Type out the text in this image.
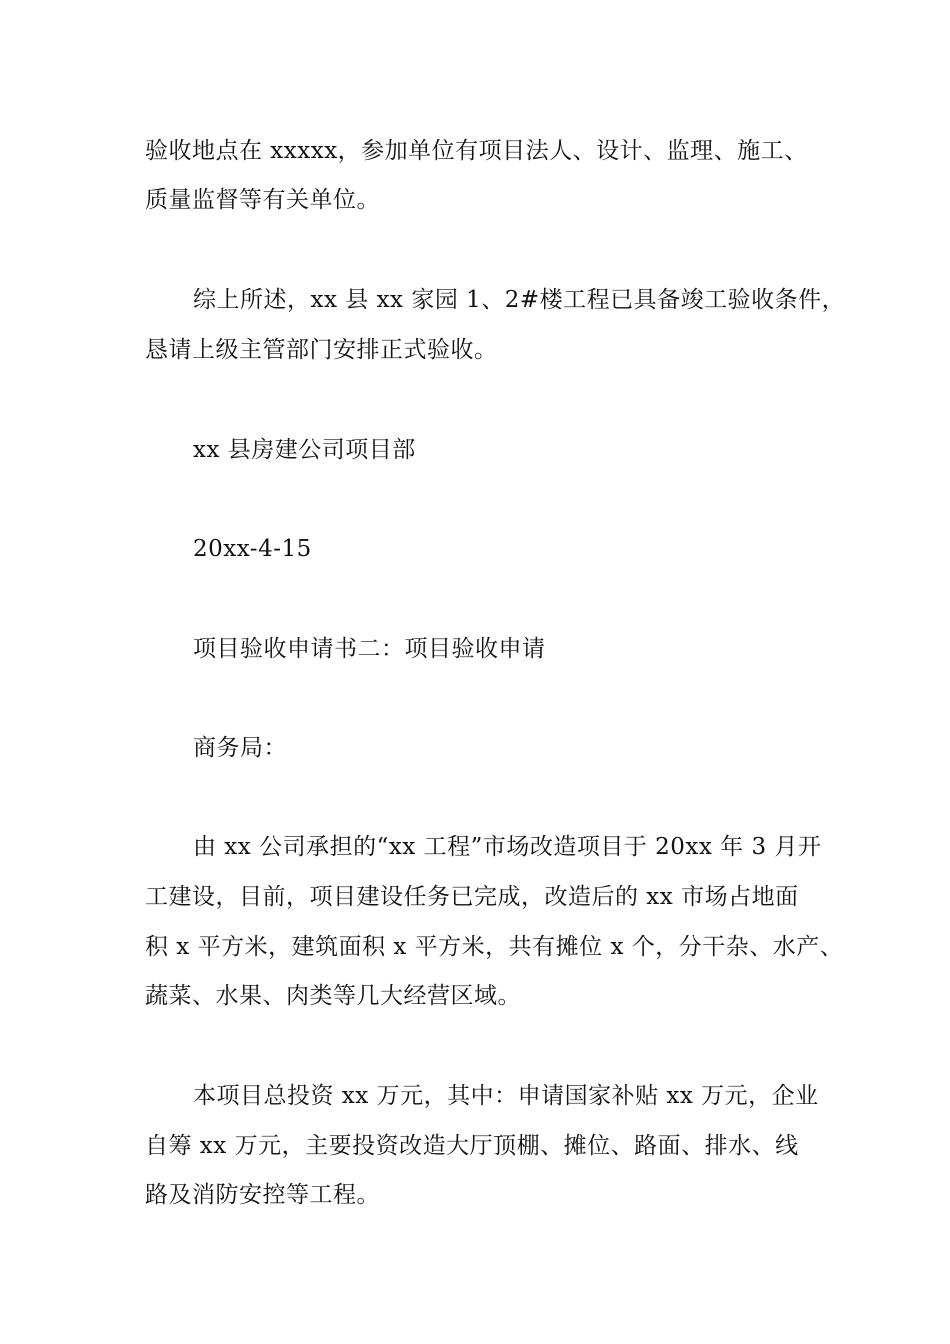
验收地点在 xxxxx，参加单位有项目法人、设计、监理、施工、
质量监督等有关单位。
综上所述，xx 县 xx 家园 1、2#楼工程已具备竣工验收条件，
恳请上级主管部门安排正式验收。
xx 县房建公司项目部
20xx-4-15
项目验收申请书二：项目验收申请
商务局：
由 xx 公司承担的“xx 工程”市场改造项目于 20xx 年 3 月开
工建设，目前，项目建设任务已完成，改造后的 xx 市场占地面
积 x 平方米，建筑面积 x 平方米，共有摊位 x 个，分干杂、水产、
蔬菜、水果、肉类等几大经营区域。
本项目总投资 xx 万元，其中：申请国家补贴 xx 万元，企业
自筹 xx 万元，主要投资改造大厅顶棚、摊位、路面、排水、线
路及消防安控等工程。
